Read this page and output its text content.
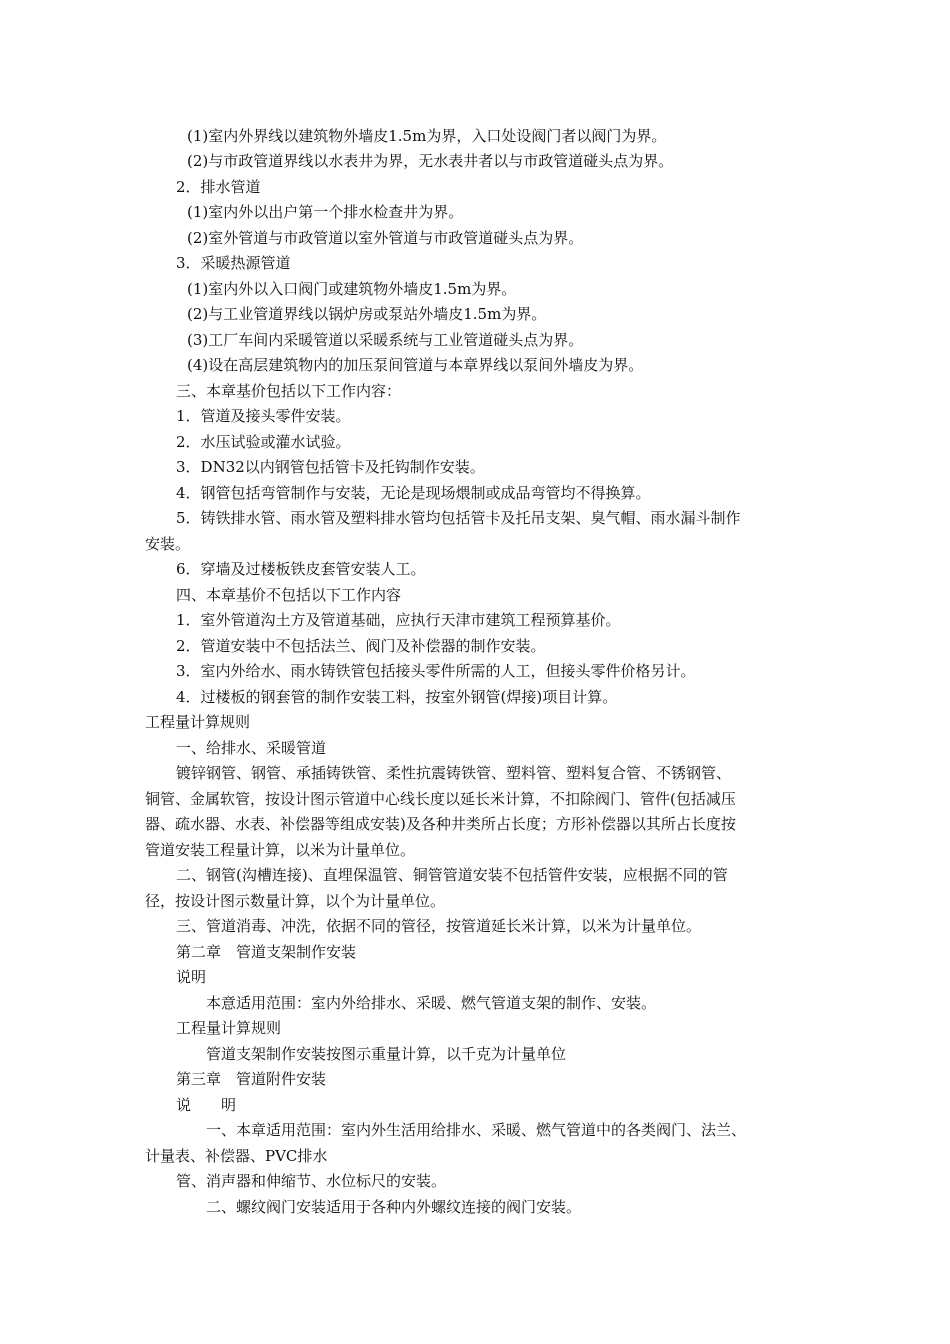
(1)室内外界线以建筑物外墙皮1.5m为界，入口处设阀门者以阀门为界。
(2)与市政管道界线以水表井为界，无水表井者以与市政管道碰头点为界。
2．排水管道
(1)室内外以出户第一个排水检查井为界。
(2)室外管道与市政管道以室外管道与市政管道碰头点为界。
3．采暖热源管道
(1)室内外以入口阀门或建筑物外墙皮1.5m为界。
(2)与工业管道界线以锅炉房或泵站外墙皮1.5m为界。
(3)工厂车间内采暖管道以采暖系统与工业管道碰头点为界。
(4)设在高层建筑物内的加压泵间管道与本章界线以泵间外墙皮为界。
三、本章基价包括以下工作内容：
1．管道及接头零件安装。
2．水压试验或灌水试验。
3．DN32以内钢管包括管卡及托钩制作安装。
4．钢管包括弯管制作与安装，无论是现场煨制或成品弯管均不得换算。
5．铸铁排水管、雨水管及塑料排水管均包括管卡及托吊支架、臭气帽、雨水漏斗制作
安装。
6．穿墙及过楼板铁皮套管安装人工。
四、本章基价不包括以下工作内容
1．室外管道沟土方及管道基础，应执行天津市建筑工程预算基价。
2．管道安装中不包括法兰、阀门及补偿器的制作安装。
3．室内外给水、雨水铸铁管包括接头零件所需的人工，但接头零件价格另计。
4．过楼板的钢套管的制作安装工料，按室外钢管(焊接)项目计算。
工程量计算规则
一、给排水、采暖管道
镀锌钢管、钢管、承插铸铁管、柔性抗震铸铁管、塑料管、塑料复合管、不锈钢管、
铜管、金属软管，按设计图示管道中心线长度以延长米计算，不扣除阀门、管件(包括减压
器、疏水器、水表、补偿器等组成安装)及各种井类所占长度；方形补偿器以其所占长度按
管道安装工程量计算，以米为计量单位。
二、钢管(沟槽连接)、直埋保温管、铜管管道安装不包括管件安装，应根据不同的管
径，按设计图示数量计算，以个为计量单位。
三、管道消毒、冲洗，依据不同的管径，按管道延长米计算，以米为计量单位。
第二章　管道支架制作安装
说明
本意适用范围：室内外给排水、采暖、燃气管道支架的制作、安装。
工程量计算规则
管道支架制作安装按图示重量计算，以千克为计量单位
第三章　管道附件安装
说　　明
一、本章适用范围：室内外生活用给排水、采暖、燃气管道中的各类阀门、法兰、
计量表、补偿器、PVC排水
管、消声器和伸缩节、水位标尺的安装。
二、螺纹阀门安装适用于各种内外螺纹连接的阀门安装。
